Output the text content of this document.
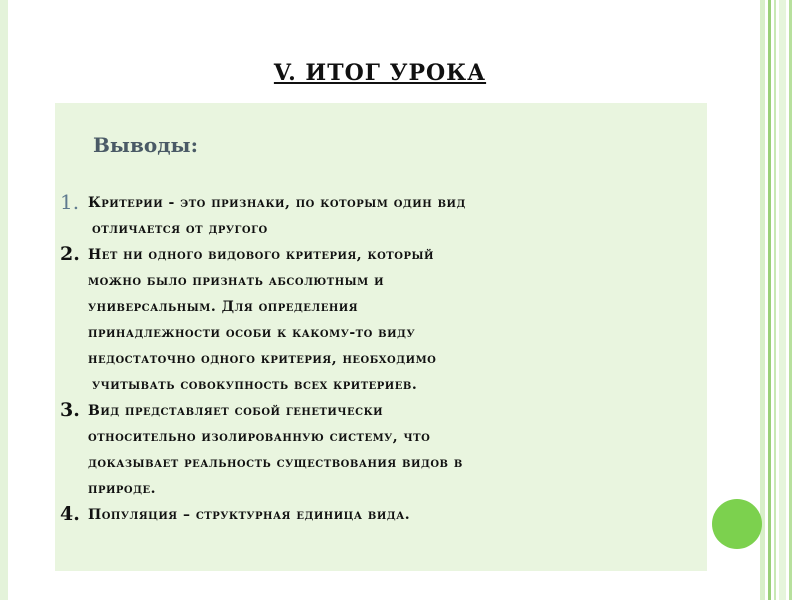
V. ИТОГ УРОКА
Выводы:
1. Критерии - это признаки, по которым один вид
отличается от другого
2. Нет ни одного видового критерия, который
можно было признать абсолютным и
универсальным. Для определения
принадлежности особи к какому-то виду
недостаточно одного критерия, необходимо
учитывать совокупность всех критериев.
3. Вид представляет собой генетически
относительно изолированную систему, что
доказывает реальность существования видов в
природе.
4. Популяция – структурная единица вида.
